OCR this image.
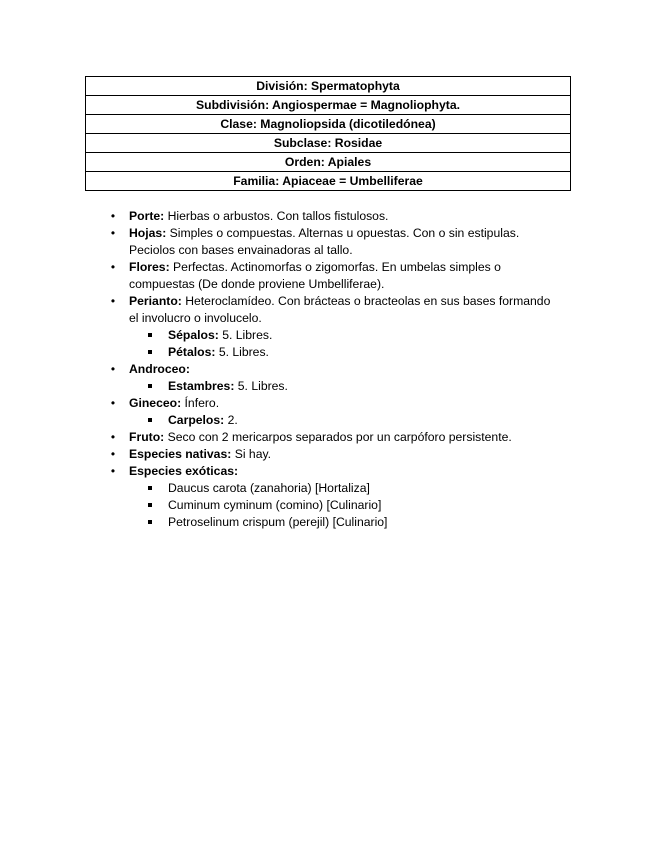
División: Spermatophyta
Subdivisión: Angiospermae = Magnoliophyta.
Clase: Magnoliopsida (dicotiledónea)
Subclase: Rosidae
Orden: Apiales
Familia: Apiaceae = Umbelliferae
• Porte: Hierbas o arbustos. Con tallos fistulosos.
• Hojas: Simples o compuestas. Alternas u opuestas. Con o sin estipulas. Peciolos con bases envainadoras al tallo.
• Flores: Perfectas. Actinomorfas o zigomorfas. En umbelas simples o compuestas (De donde proviene Umbelliferae).
• Perianto: Heteroclamídeo. Con brácteas o bracteolas en sus bases formando el involucro o involucelo.
Sépalos: 5. Libres.
Pétalos: 5. Libres.
• Androceo:
Estambres: 5. Libres.
• Gineceo: Ínfero.
Carpelos: 2.
• Fruto: Seco con 2 mericarpos separados por un carpóforo persistente.
• Especies nativas: Si hay.
• Especies exóticas:
Daucus carota (zanahoria) [Hortaliza]
Cuminum cyminum (comino) [Culinario]
Petroselinum crispum (perejil) [Culinario]
